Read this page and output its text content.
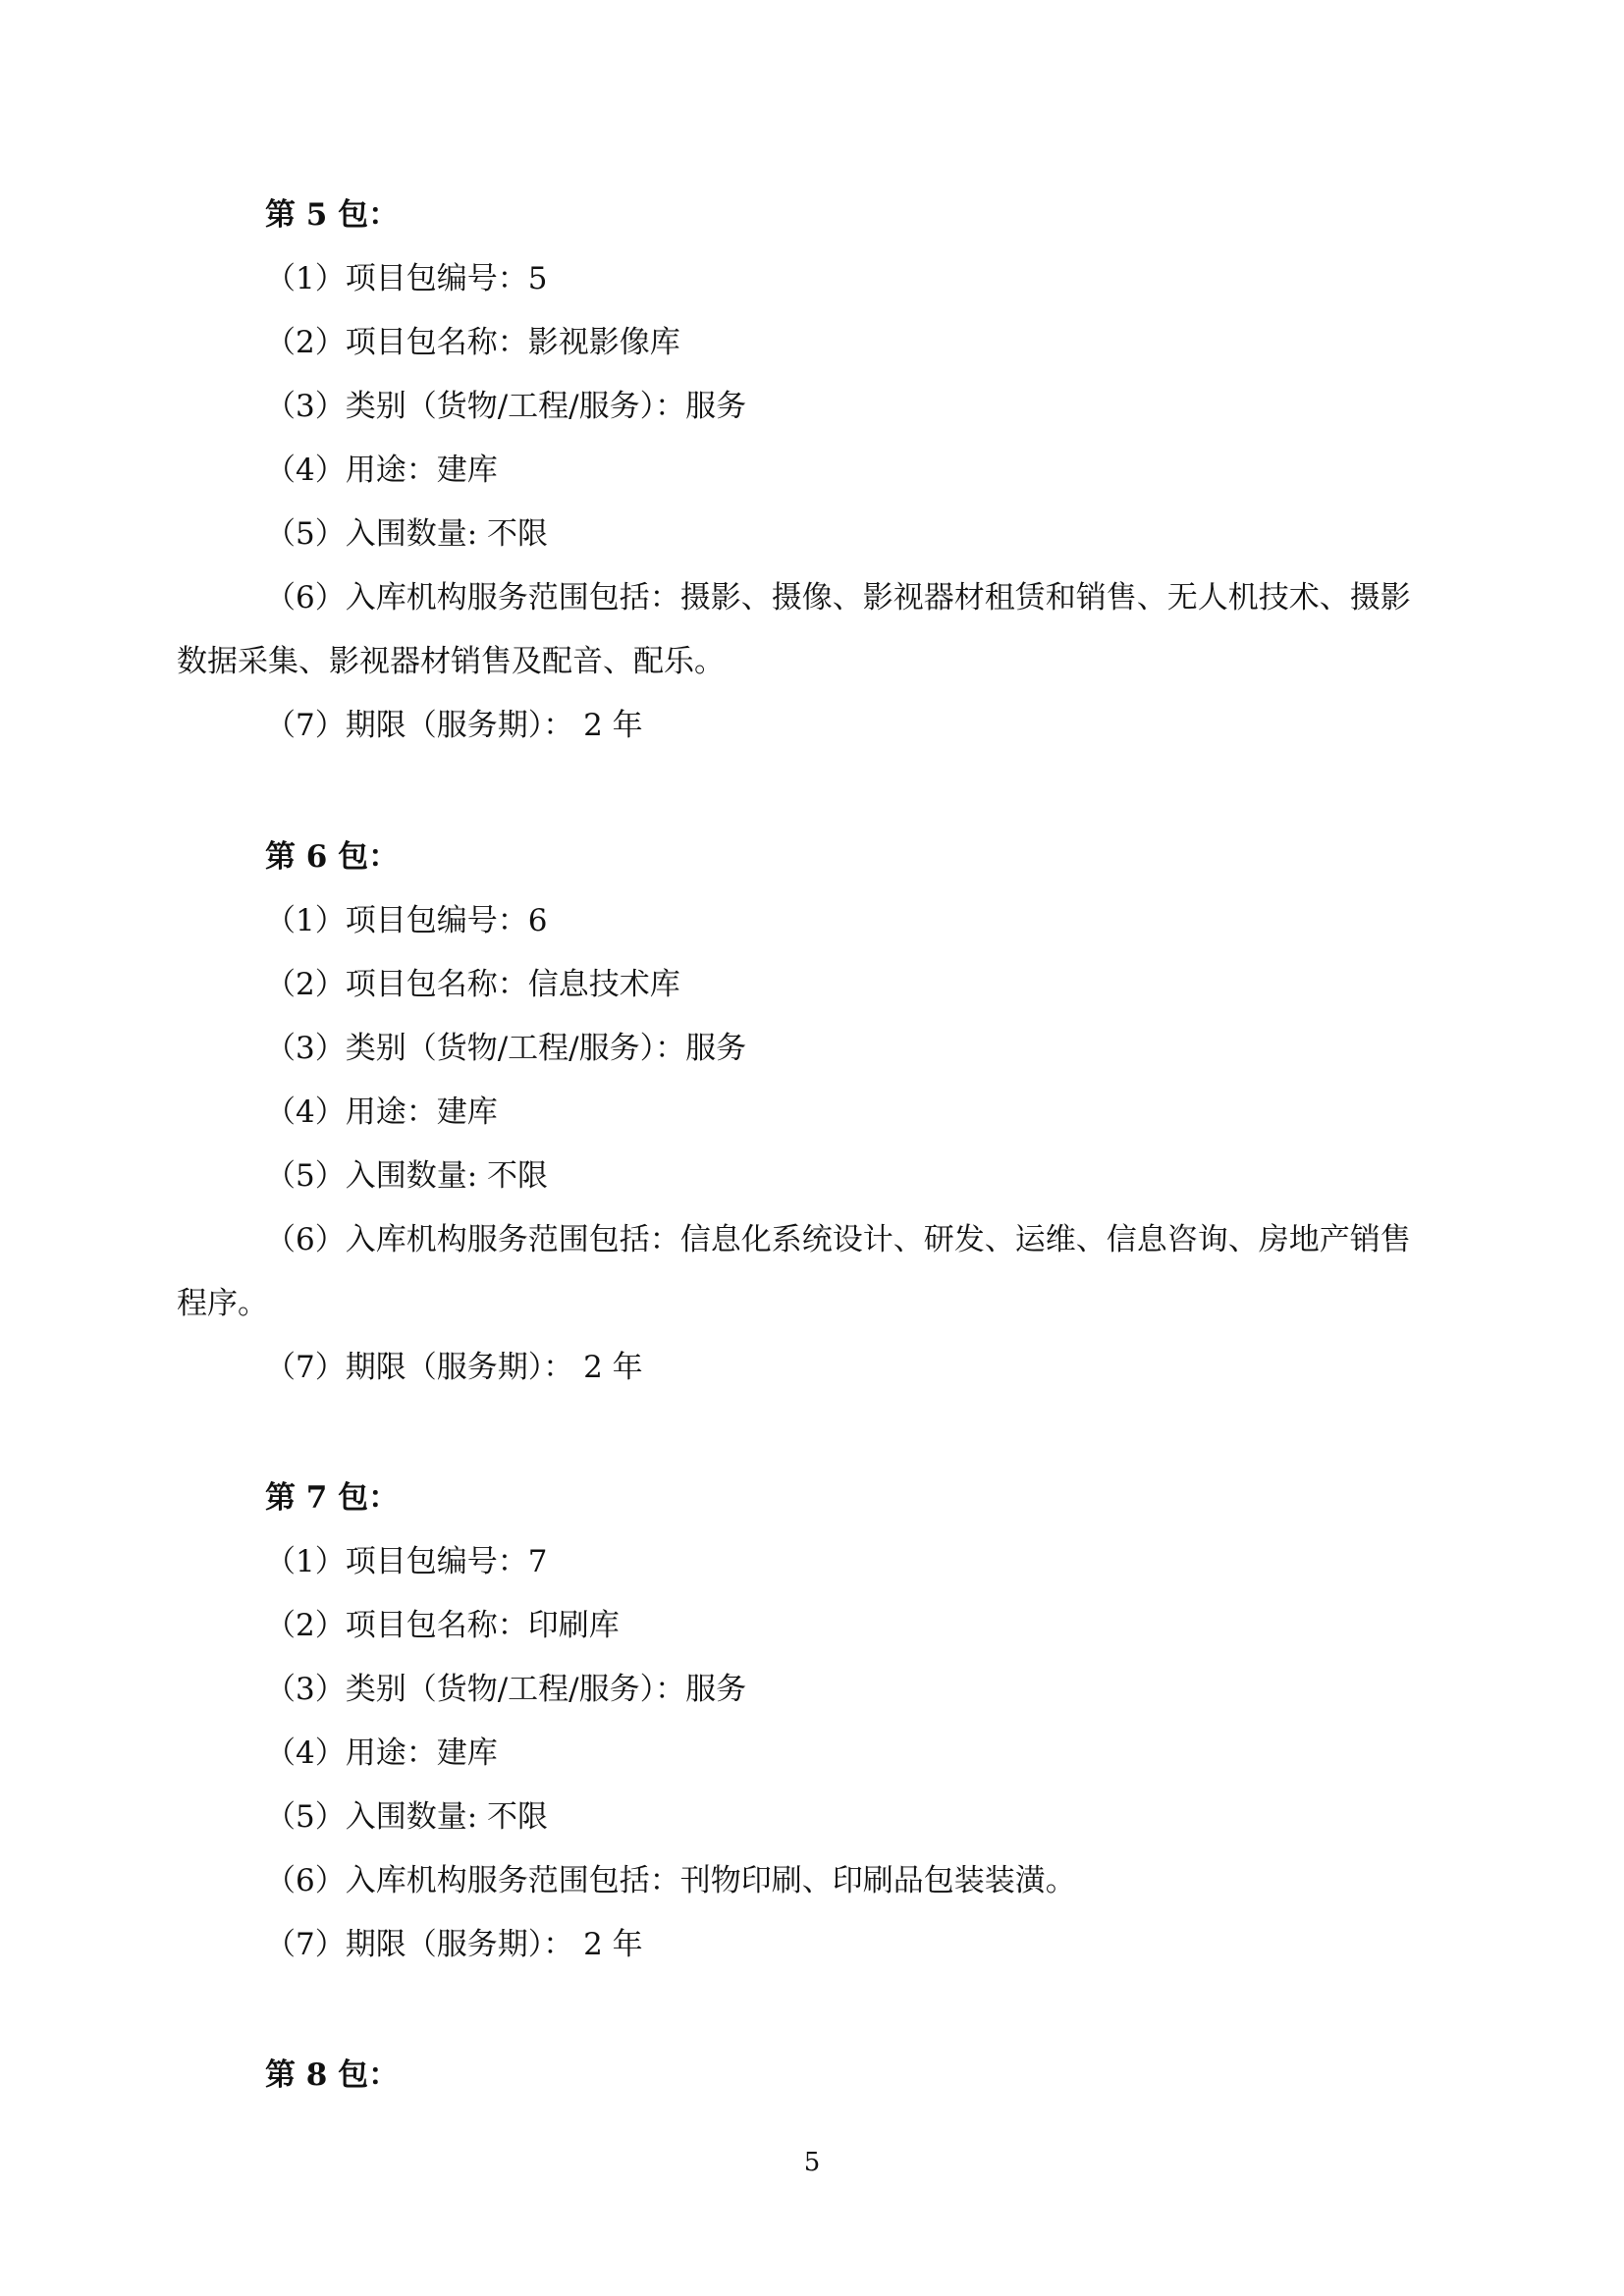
第 5 包：
（1）项目包编号：5
（2）项目包名称：影视影像库
（3）类别（货物/工程/服务）：服务
（4）用途：建库
（5）入围数量: 不限
（6）入库机构服务范围包括：摄影、摄像、影视器材租赁和销售、无人机技术、摄影
数据采集、影视器材销售及配音、配乐。
（7）期限（服务期）： 2 年
第 6 包：
（1）项目包编号：6
（2）项目包名称：信息技术库
（3）类别（货物/工程/服务）：服务
（4）用途：建库
（5）入围数量: 不限
（6）入库机构服务范围包括：信息化系统设计、研发、运维、信息咨询、房地产销售
程序。
（7）期限（服务期）： 2 年
第 7 包：
（1）项目包编号：7
（2）项目包名称：印刷库
（3）类别（货物/工程/服务）：服务
（4）用途：建库
（5）入围数量: 不限
（6）入库机构服务范围包括：刊物印刷、印刷品包装装潢。
（7）期限（服务期）： 2 年
第 8 包：
5
